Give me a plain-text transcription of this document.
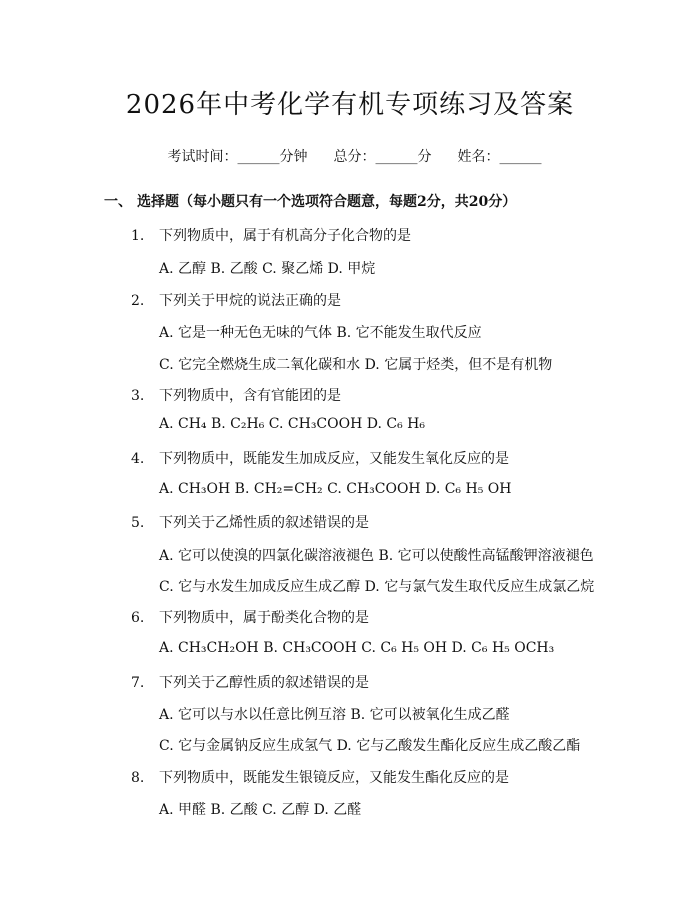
2026年中考化学有机专项练习及答案

考试时间：______分钟 总分：______分 姓名：______

一、 选择题（每小题只有一个选项符合题意，每题2分，共20分）
1. 下列物质中，属于有机高分子化合物的是
A. 乙醇 B. 乙酸 C. 聚乙烯 D. 甲烷
2. 下列关于甲烷的说法正确的是
A. 它是一种无色无味的气体 B. 它不能发生取代反应
C. 它完全燃烧生成二氧化碳和水 D. 它属于烃类，但不是有机物
3. 下列物质中，含有官能团的是
A. CH₄ B. C₂H₆ C. CH₃COOH D. C₆ H₆
4. 下列物质中，既能发生加成反应，又能发生氧化反应的是
A. CH₃OH B. CH₂=CH₂ C. CH₃COOH D. C₆ H₅ OH
5. 下列关于乙烯性质的叙述错误的是
A. 它可以使溴的四氯化碳溶液褪色 B. 它可以使酸性高锰酸钾溶液褪色
C. 它与水发生加成反应生成乙醇 D. 它与氯气发生取代反应生成氯乙烷
6. 下列物质中，属于酚类化合物的是
A. CH₃CH₂OH B. CH₃COOH C. C₆ H₅ OH D. C₆ H₅ OCH₃
7. 下列关于乙醇性质的叙述错误的是
A. 它可以与水以任意比例互溶 B. 它可以被氧化生成乙醛
C. 它与金属钠反应生成氢气 D. 它与乙酸发生酯化反应生成乙酸乙酯
8. 下列物质中，既能发生银镜反应，又能发生酯化反应的是
A. 甲醛 B. 乙酸 C. 乙醇 D. 乙醛
